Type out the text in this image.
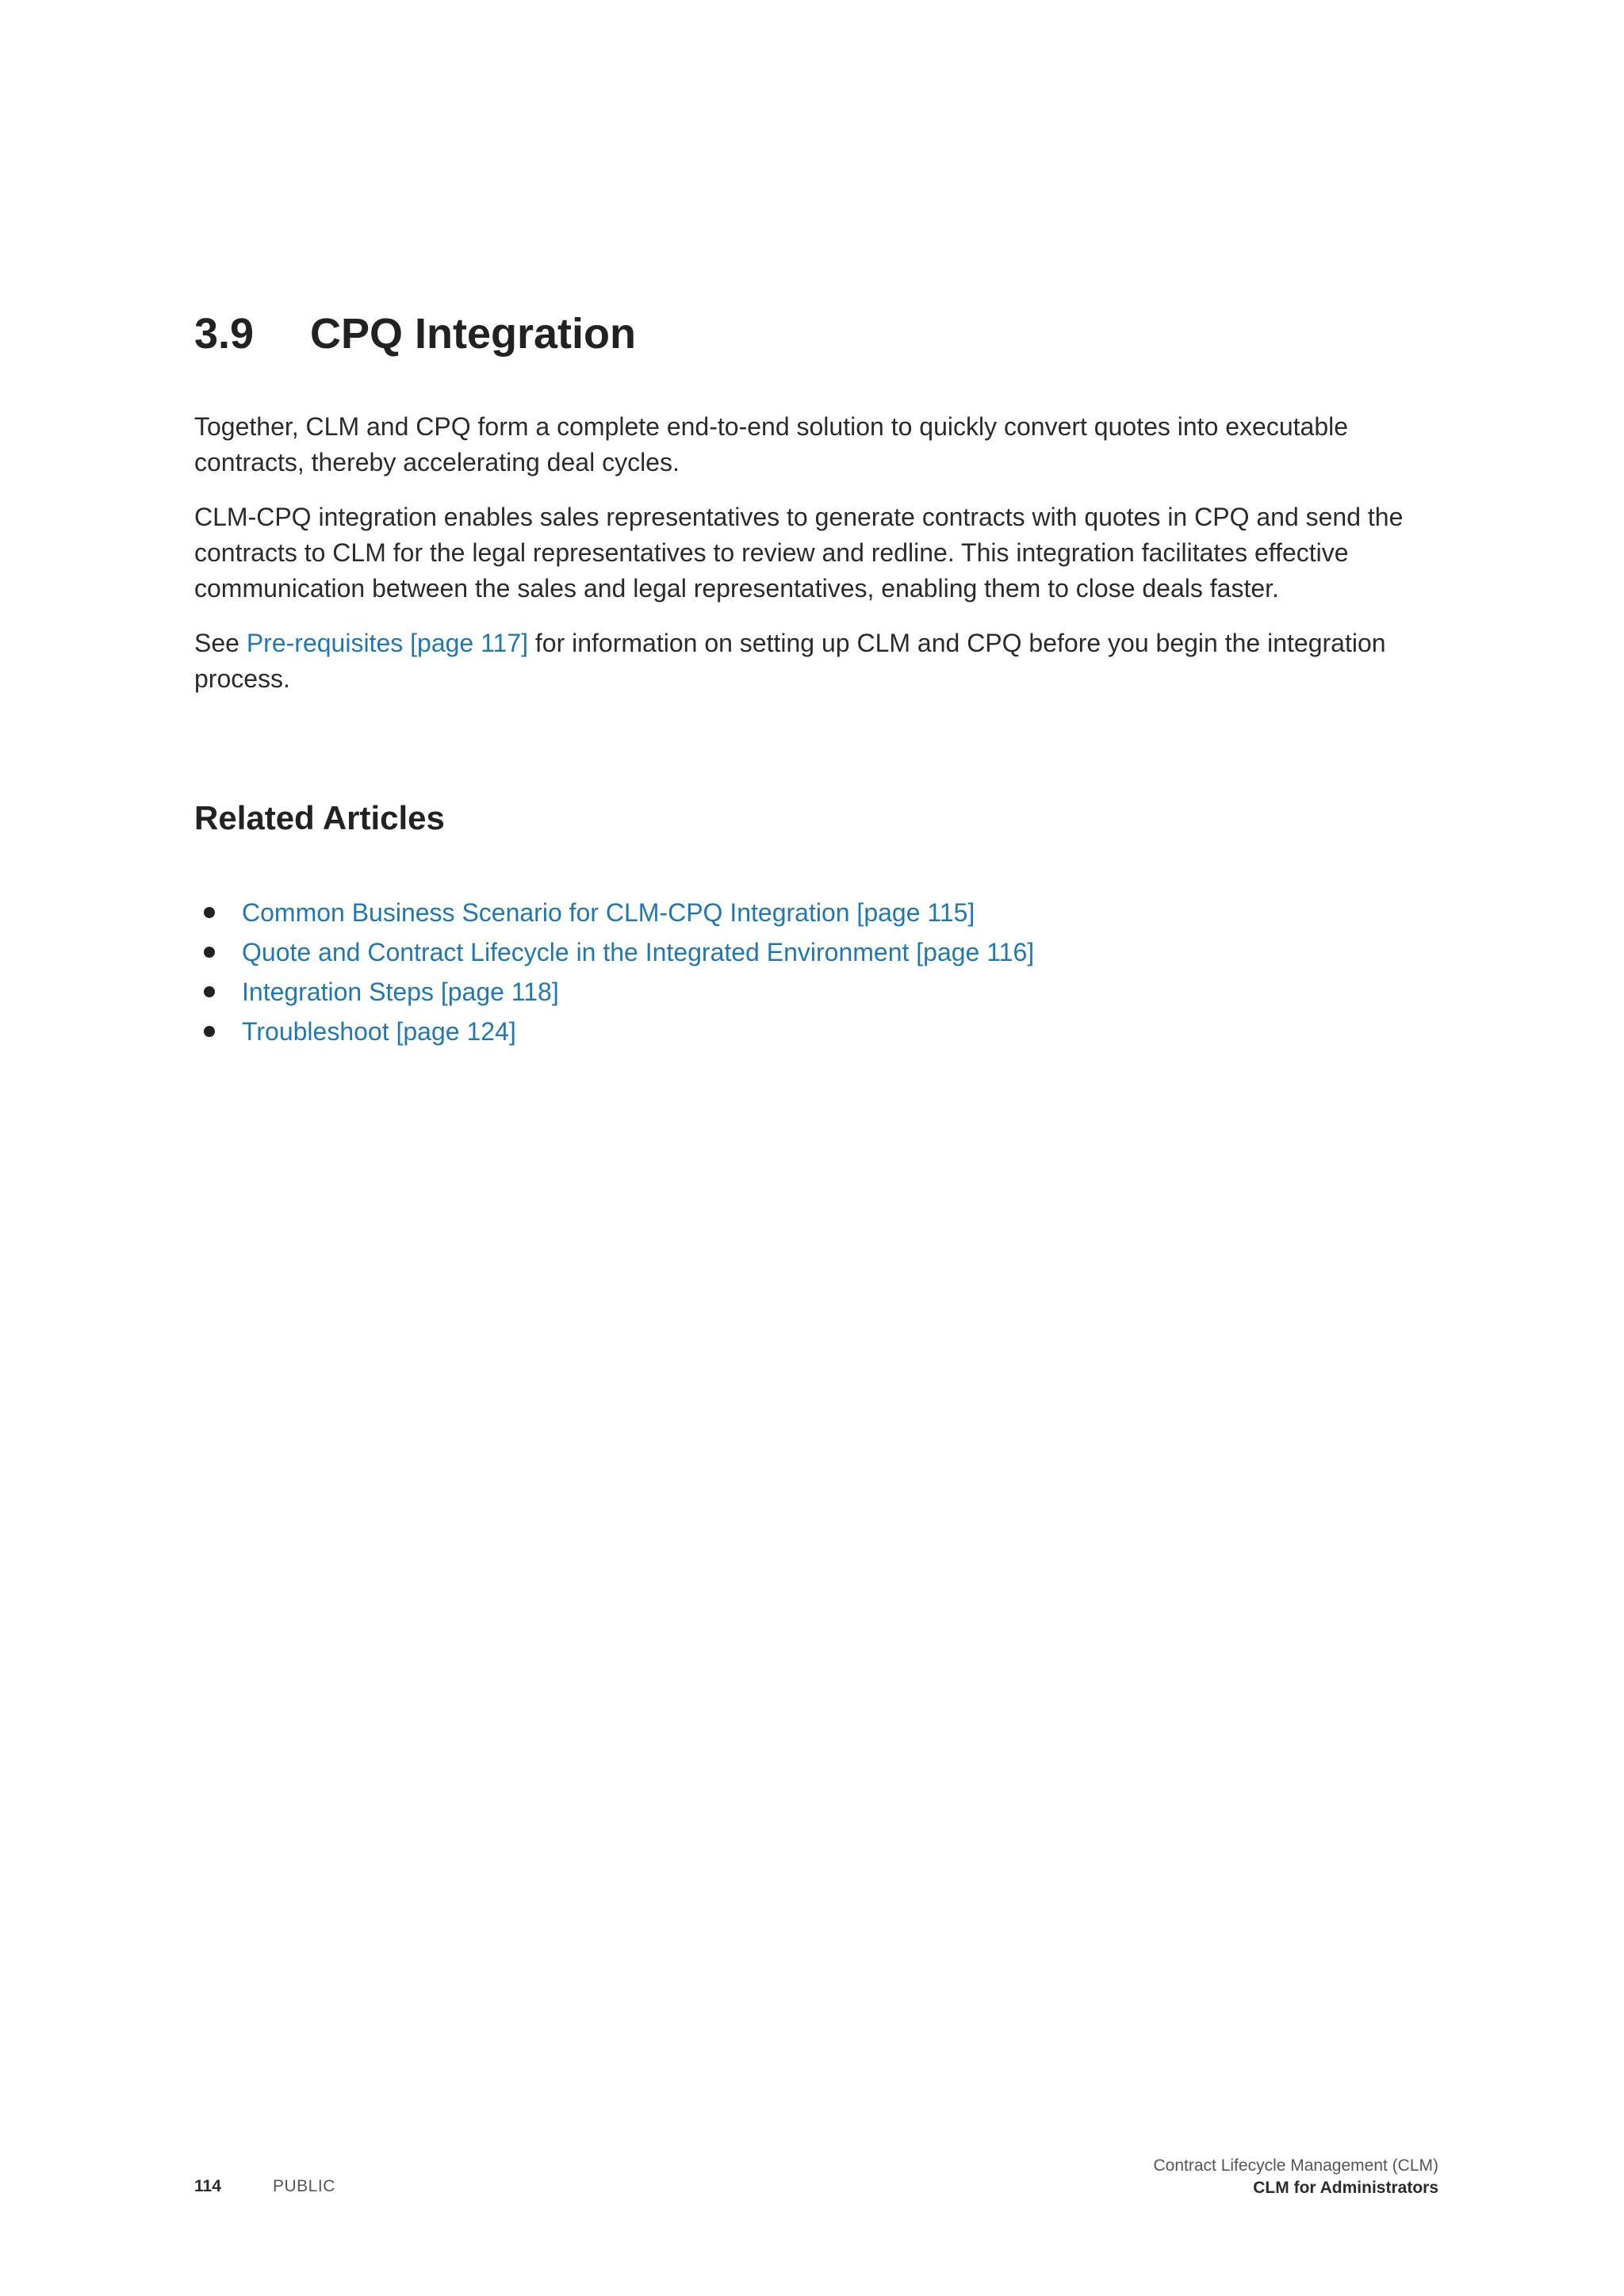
3.9 CPQ Integration

Together, CLM and CPQ form a complete end-to-end solution to quickly convert quotes into executable contracts, thereby accelerating deal cycles.

CLM-CPQ integration enables sales representatives to generate contracts with quotes in CPQ and send the contracts to CLM for the legal representatives to review and redline. This integration facilitates effective communication between the sales and legal representatives, enabling them to close deals faster.

See Pre-requisites [page 117] for information on setting up CLM and CPQ before you begin the integration process.

Related Articles
Common Business Scenario for CLM-CPQ Integration [page 115]
Quote and Contract Lifecycle in the Integrated Environment [page 116]
Integration Steps [page 118]
Troubleshoot [page 124]
114	PUBLIC
Contract Lifecycle Management (CLM)
CLM for Administrators
